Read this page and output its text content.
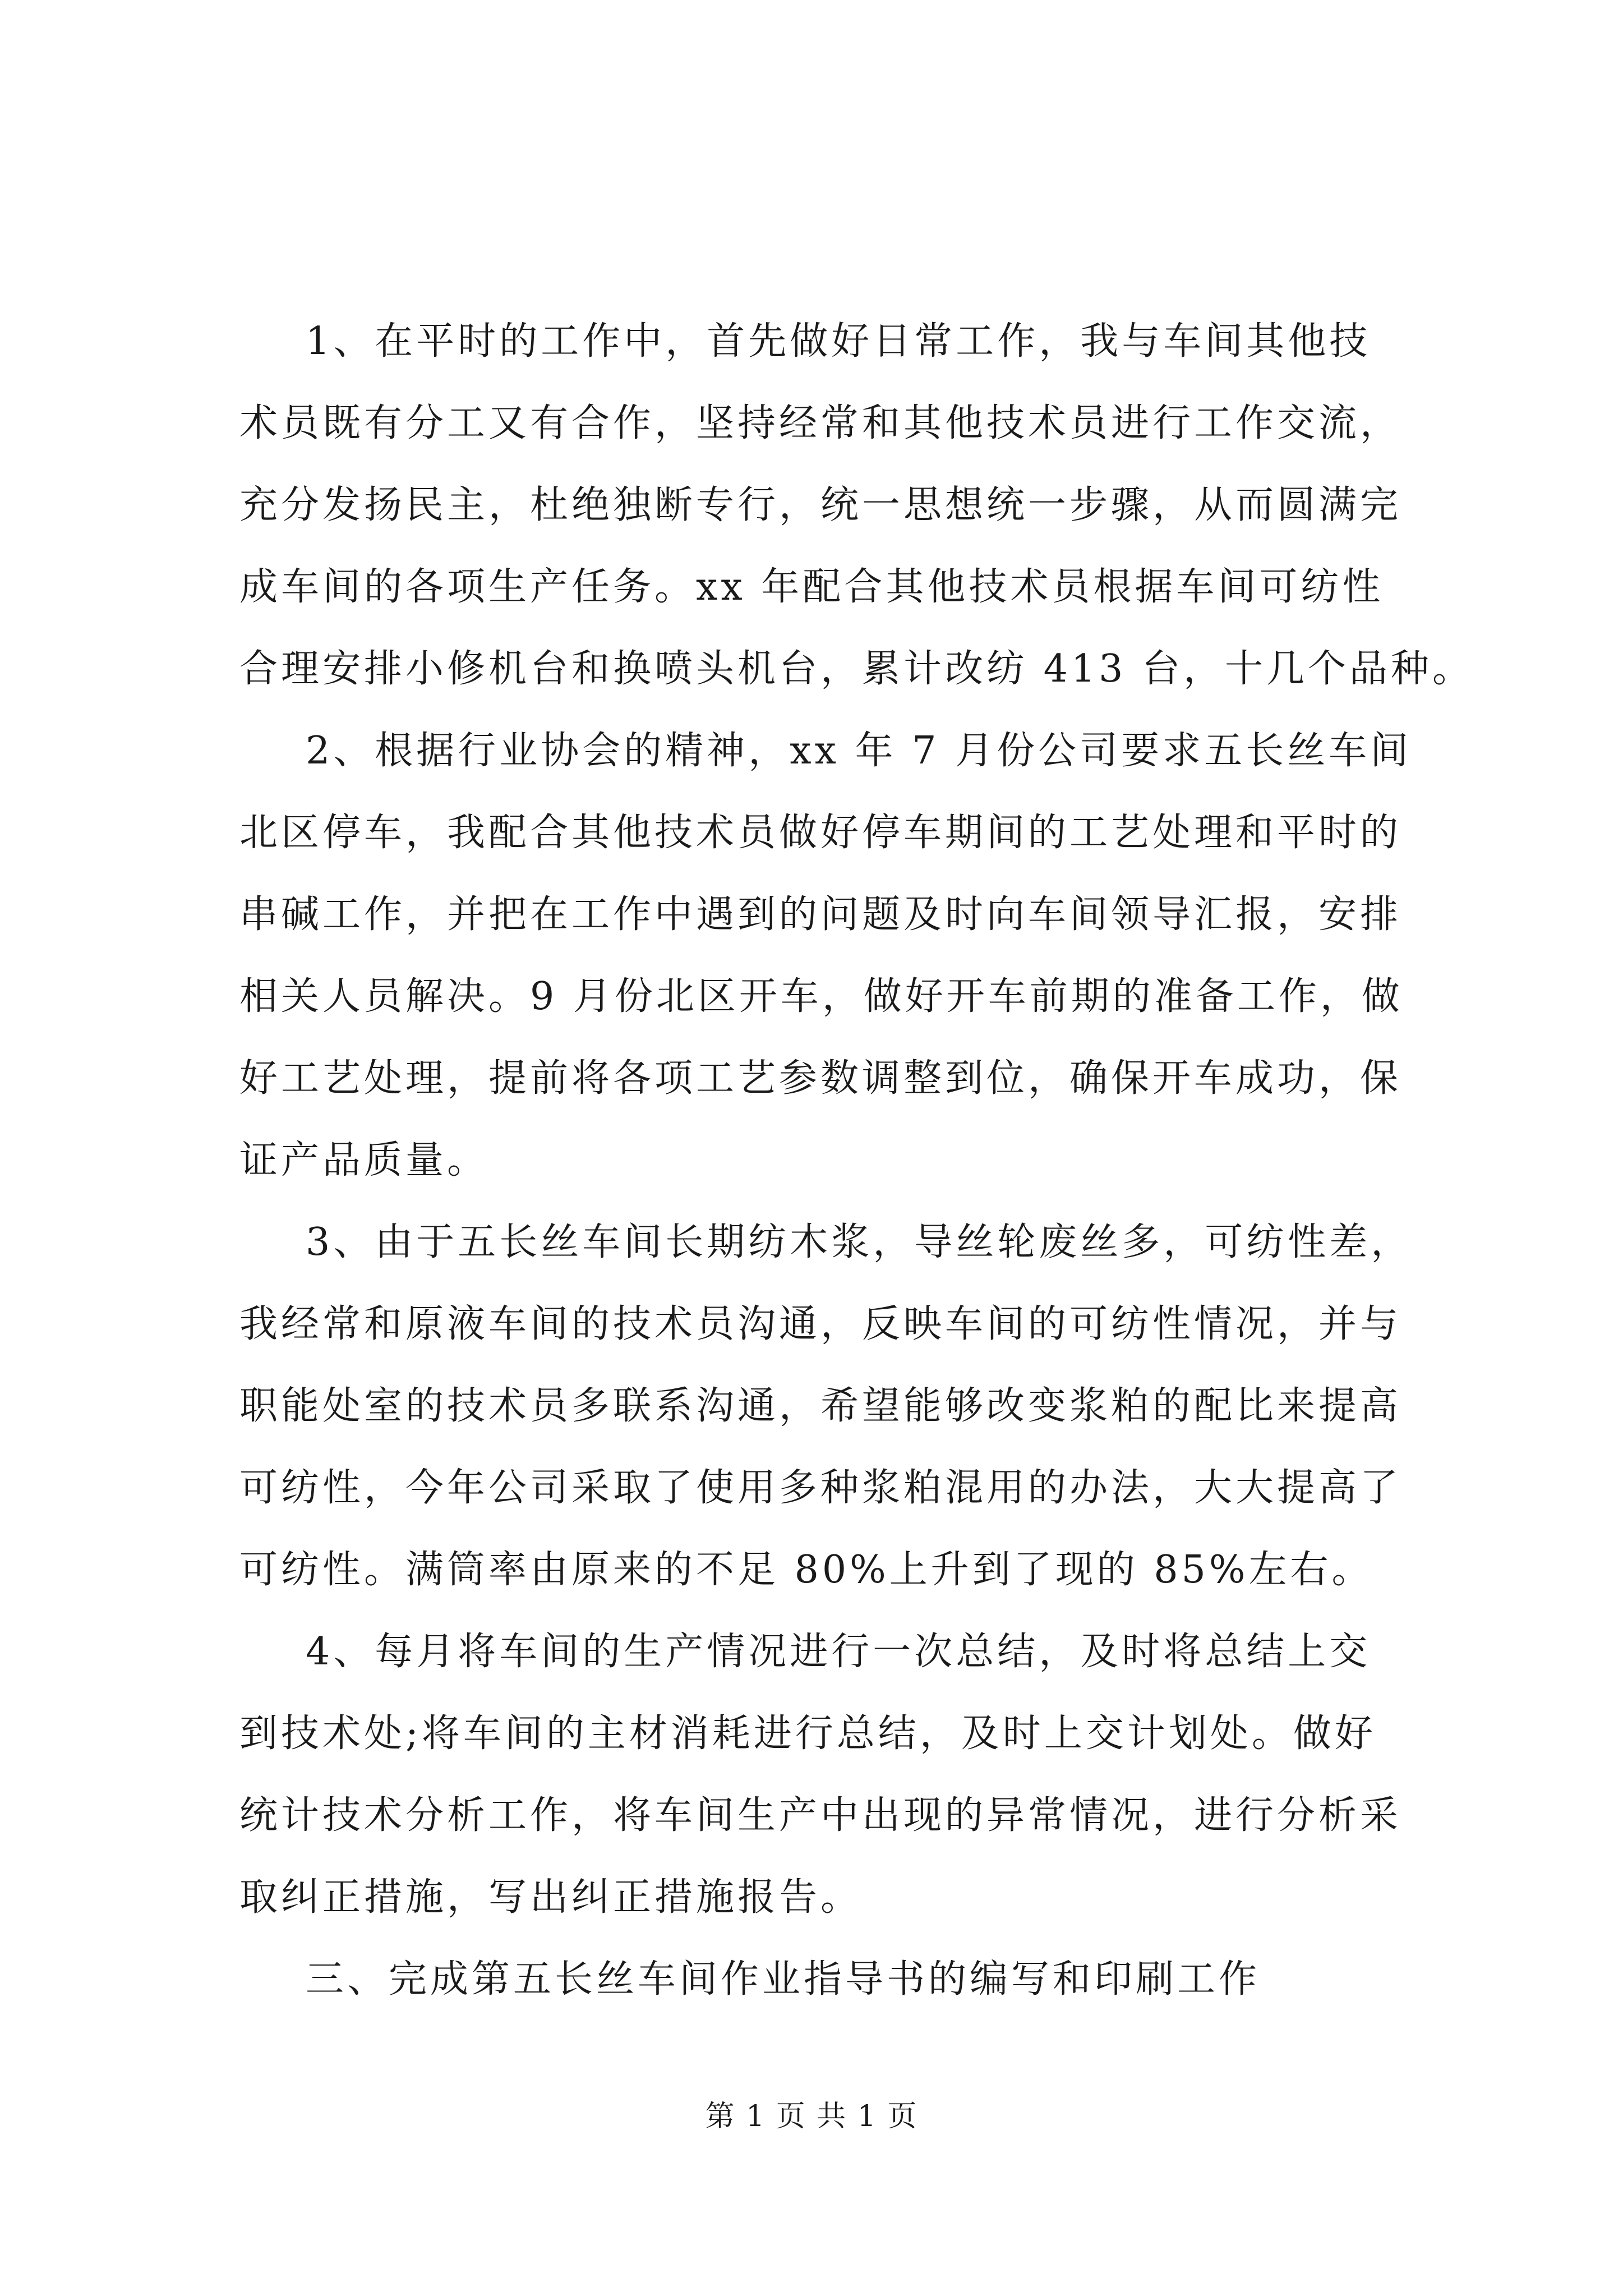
1、在平时的工作中，首先做好日常工作，我与车间其他技
术员既有分工又有合作，坚持经常和其他技术员进行工作交流，
充分发扬民主，杜绝独断专行，统一思想统一步骤，从而圆满完
成车间的各项生产任务。xx 年配合其他技术员根据车间可纺性
合理安排小修机台和换喷头机台，累计改纺 413 台，十几个品种。
2、根据行业协会的精神，xx 年 7 月份公司要求五长丝车间
北区停车，我配合其他技术员做好停车期间的工艺处理和平时的
串碱工作，并把在工作中遇到的问题及时向车间领导汇报，安排
相关人员解决。9 月份北区开车，做好开车前期的准备工作，做
好工艺处理，提前将各项工艺参数调整到位，确保开车成功，保
证产品质量。
3、由于五长丝车间长期纺木浆，导丝轮废丝多，可纺性差，
我经常和原液车间的技术员沟通，反映车间的可纺性情况，并与
职能处室的技术员多联系沟通，希望能够改变浆粕的配比来提高
可纺性，今年公司采取了使用多种浆粕混用的办法，大大提高了
可纺性。满筒率由原来的不足 80%上升到了现的 85%左右。
4、每月将车间的生产情况进行一次总结，及时将总结上交
到技术处;将车间的主材消耗进行总结，及时上交计划处。做好
统计技术分析工作，将车间生产中出现的异常情况，进行分析采
取纠正措施，写出纠正措施报告。
三、完成第五长丝车间作业指导书的编写和印刷工作
第 1 页 共 1 页
